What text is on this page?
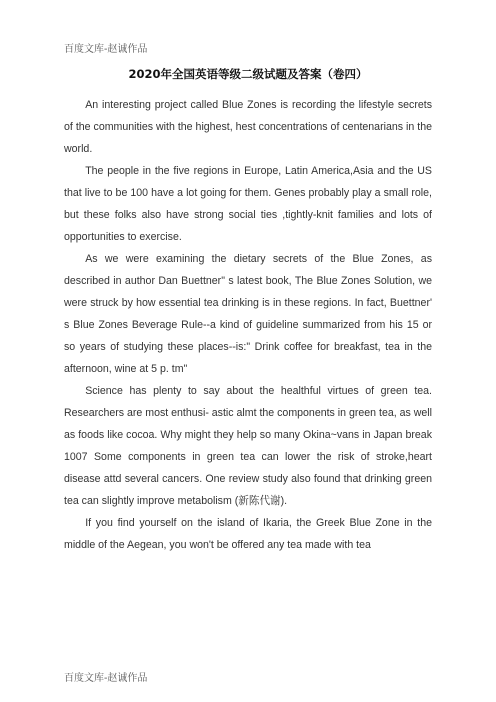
百度文库-赵诚作品
2020年全国英语等级二级试题及答案（卷四）

An interesting project called Blue Zones is recording the lifestyle secrets of the communities with the highest, hest concentrations of centenarians in the world.

The people in the five regions in Europe, Latin America,Asia and the US that live to be 100 have a lot going for them. Genes probably play a small role, but these folks also have strong social ties ,tightly-knit families and lots of opportunities to exercise.

As we were examining the dietary secrets of the Blue Zones, as described in author Dan Buettner" s latest book, The Blue Zones Solution, we were struck by how essential tea drinking is in these regions. In fact, Buettner' s Blue Zones Beverage Rule--a kind of guideline summarized from his 15 or so years of studying these places--is:" Drink coffee for breakfast, tea in the afternoon, wine at 5 p. tm"

Science has plenty to say about the healthful virtues of green tea. Researchers are most enthusi- astic almt the components in green tea, as well as foods like cocoa. Why might they help so many Okina~vans in Japan break 1007 Some components in green tea can lower the risk of stroke,heart disease attd several cancers. One review study also found that drinking green tea can slightly improve metabolism (新陈代谢).

If you find yourself on the island of Ikaria, the Greek Blue Zone in the middle of the Aegean, you won't be offered any tea made with tea

百度文库-赵诚作品
